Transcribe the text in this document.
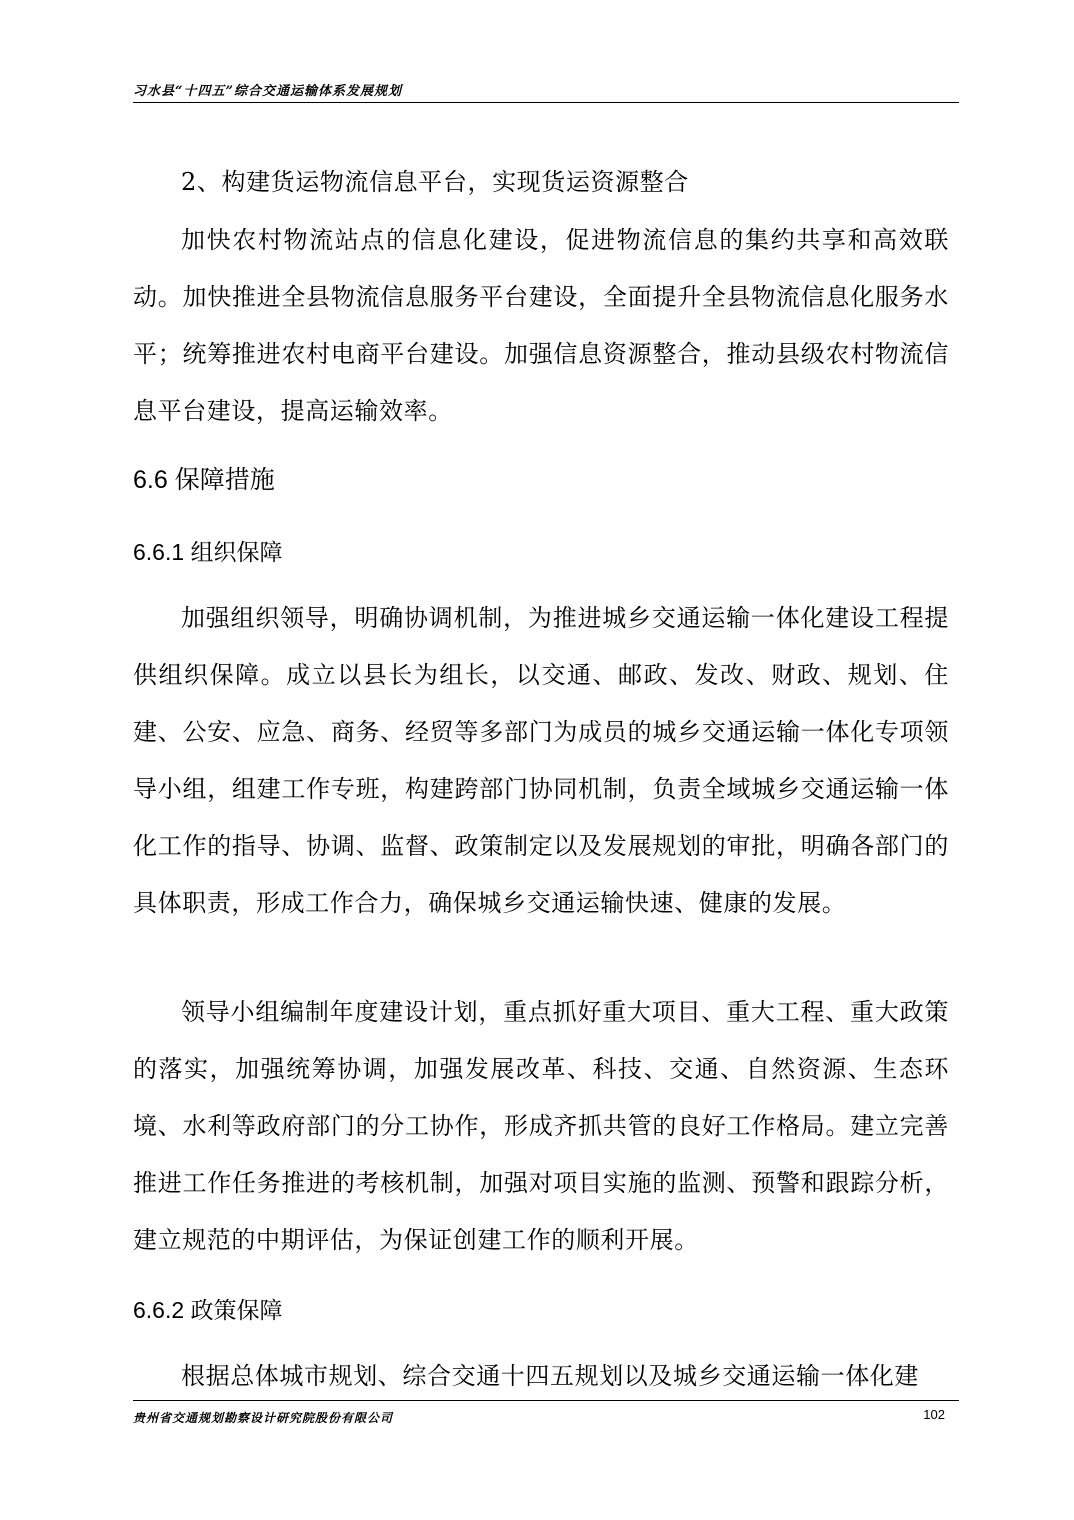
习水县“十四五”综合交通运输体系发展规划
2、构建货运物流信息平台，实现货运资源整合
加快农村物流站点的信息化建设，促进物流信息的集约共享和高效联动。加快推进全县物流信息服务平台建设，全面提升全县物流信息化服务水平；统筹推进农村电商平台建设。加强信息资源整合，推动县级农村物流信息平台建设，提高运输效率。
6.6 保障措施
6.6.1 组织保障
加强组织领导，明确协调机制，为推进城乡交通运输一体化建设工程提供组织保障。成立以县长为组长，以交通、邮政、发改、财政、规划、住建、公安、应急、商务、经贸等多部门为成员的城乡交通运输一体化专项领导小组，组建工作专班，构建跨部门协同机制，负责全域城乡交通运输一体化工作的指导、协调、监督、政策制定以及发展规划的审批，明确各部门的具体职责，形成工作合力，确保城乡交通运输快速、健康的发展。
领导小组编制年度建设计划，重点抓好重大项目、重大工程、重大政策的落实，加强统筹协调，加强发展改革、科技、交通、自然资源、生态环境、水利等政府部门的分工协作，形成齐抓共管的良好工作格局。建立完善推进工作任务推进的考核机制，加强对项目实施的监测、预警和跟踪分析，建立规范的中期评估，为保证创建工作的顺利开展。
6.6.2 政策保障
根据总体城市规划、综合交通十四五规划以及城乡交通运输一体化建
贵州省交通规划勘察设计研究院股份有限公司	102
